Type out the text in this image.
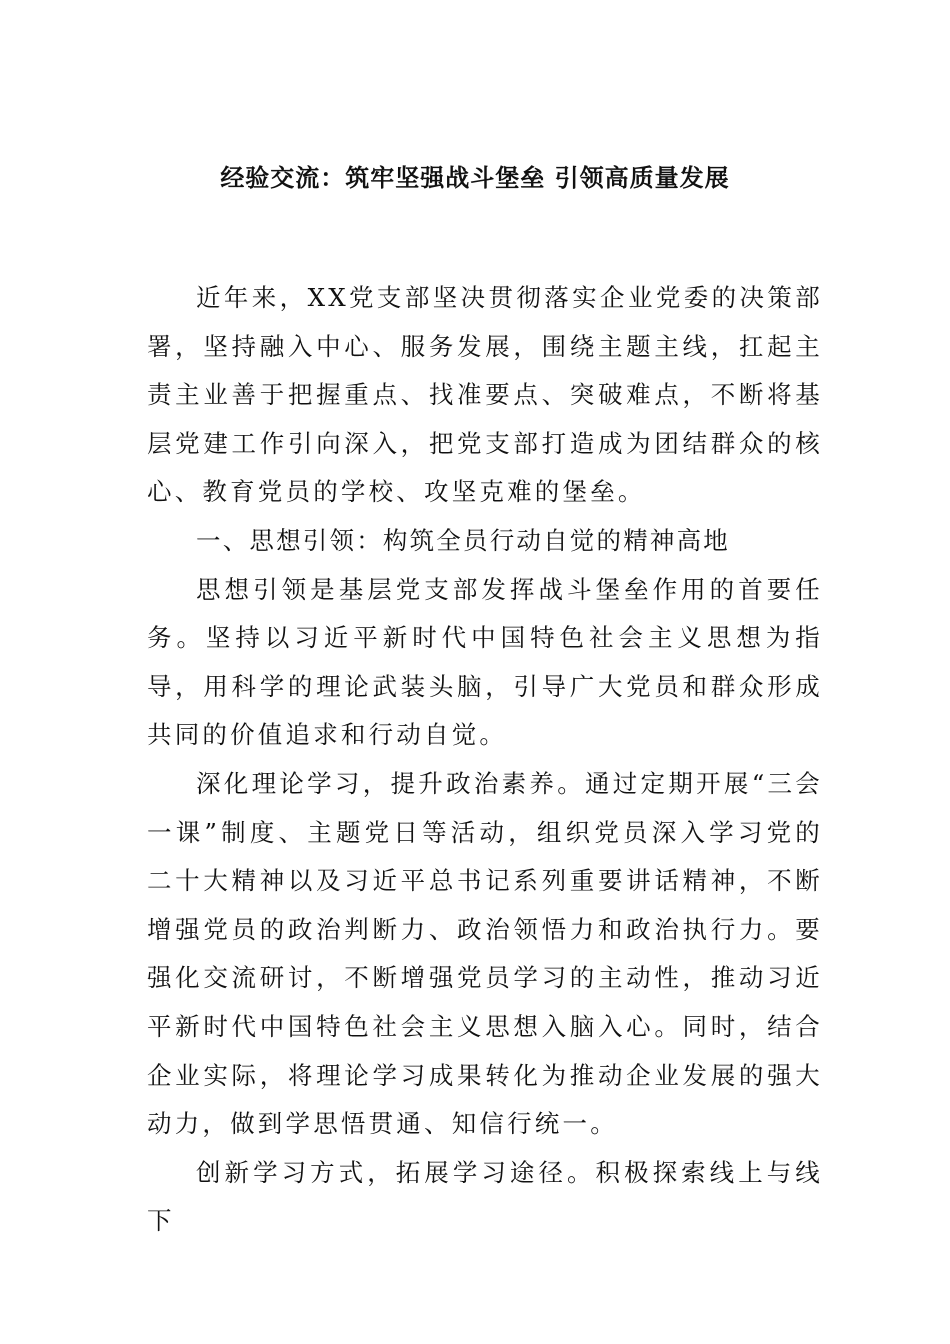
经验交流：筑牢坚强战斗堡垒 引领高质量发展

近年来，XX党支部坚决贯彻落实企业党委的决策部署，坚持融入中心、服务发展，围绕主题主线，扛起主责主业善于把握重点、找准要点、突破难点，不断将基层党建工作引向深入，把党支部打造成为团结群众的核心、教育党员的学校、攻坚克难的堡垒。

一、思想引领：构筑全员行动自觉的精神高地

思想引领是基层党支部发挥战斗堡垒作用的首要任务。坚持以习近平新时代中国特色社会主义思想为指导，用科学的理论武装头脑，引导广大党员和群众形成共同的价值追求和行动自觉。

深化理论学习，提升政治素养。通过定期开展“三会一课”制度、主题党日等活动，组织党员深入学习党的二十大精神以及习近平总书记系列重要讲话精神，不断增强党员的政治判断力、政治领悟力和政治执行力。要强化交流研讨，不断增强党员学习的主动性，推动习近平新时代中国特色社会主义思想入脑入心。同时，结合企业实际，将理论学习成果转化为推动企业发展的强大动力，做到学思悟贯通、知信行统一。

创新学习方式，拓展学习途径。积极探索线上与线下
